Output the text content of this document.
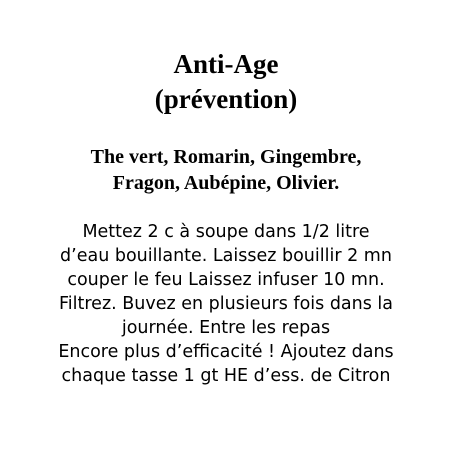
Anti-Age
(prévention)
The vert, Romarin, Gingembre,
Fragon, Aubépine, Olivier.
Mettez 2 c à soupe dans 1/2 litre
d’eau bouillante. Laissez bouillir 2 mn
couper le feu Laissez infuser 10 mn.
Filtrez. Buvez en plusieurs fois dans la
journée. Entre les repas
Encore plus d’efficacité ! Ajoutez dans
chaque tasse 1 gt HE d’ess. de Citron
